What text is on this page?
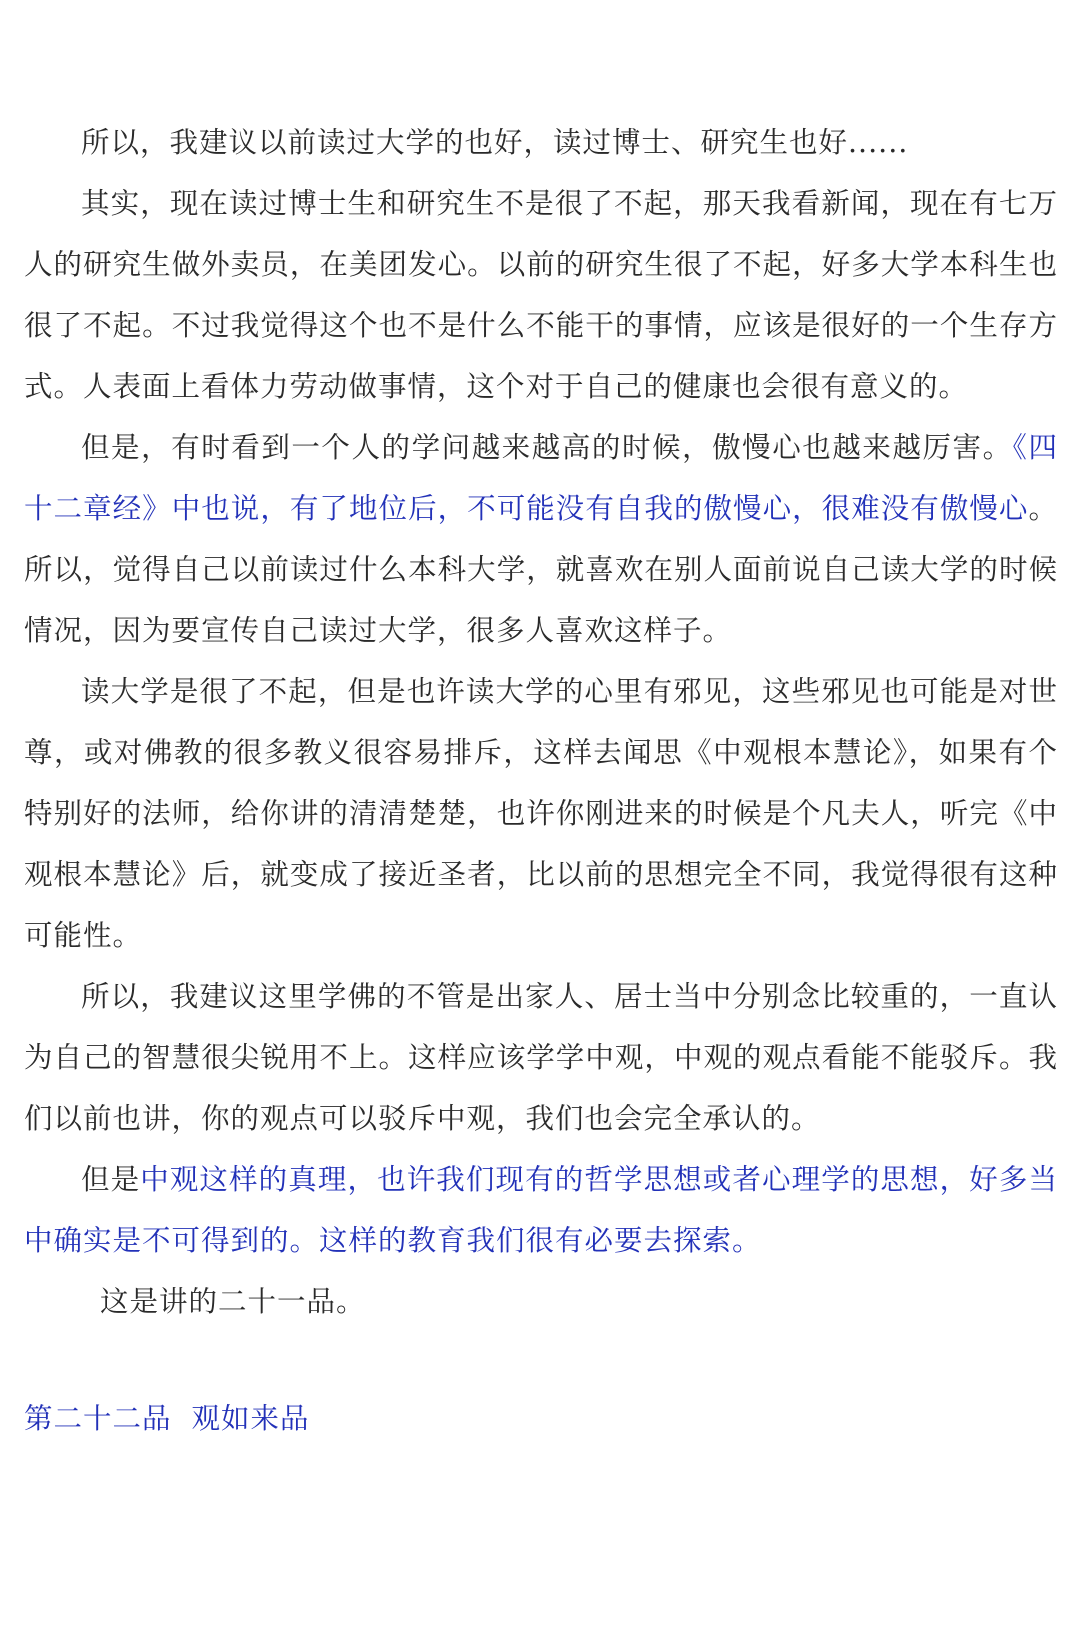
所以，我建议以前读过大学的也好，读过博士、研究生也好......

其实，现在读过博士生和研究生不是很了不起，那天我看新闻，现在有七万人的研究生做外卖员，在美团发心。以前的研究生很了不起，好多大学本科生也很了不起。不过我觉得这个也不是什么不能干的事情，应该是很好的一个生存方式。人表面上看体力劳动做事情，这个对于自己的健康也会很有意义的。

但是，有时看到一个人的学问越来越高的时候，傲慢心也越来越厉害。《四十二章经》中也说，有了地位后，不可能没有自我的傲慢心，很难没有傲慢心。所以，觉得自己以前读过什么本科大学，就喜欢在别人面前说自己读大学的时候情况，因为要宣传自己读过大学，很多人喜欢这样子。

读大学是很了不起，但是也许读大学的心里有邪见，这些邪见也可能是对世尊，或对佛教的很多教义很容易排斥，这样去闻思《中观根本慧论》，如果有个特别好的法师，给你讲的清清楚楚，也许你刚进来的时候是个凡夫人，听完《中观根本慧论》后，就变成了接近圣者，比以前的思想完全不同，我觉得很有这种可能性。

所以，我建议这里学佛的不管是出家人、居士当中分别念比较重的，一直认为自己的智慧很尖锐用不上。这样应该学学中观，中观的观点看能不能驳斥。我们以前也讲，你的观点可以驳斥中观，我们也会完全承认的。

但是中观这样的真理，也许我们现有的哲学思想或者心理学的思想，好多当中确实是不可得到的。这样的教育我们很有必要去探索。

这是讲的二十一品。

第二十二品 观如来品
